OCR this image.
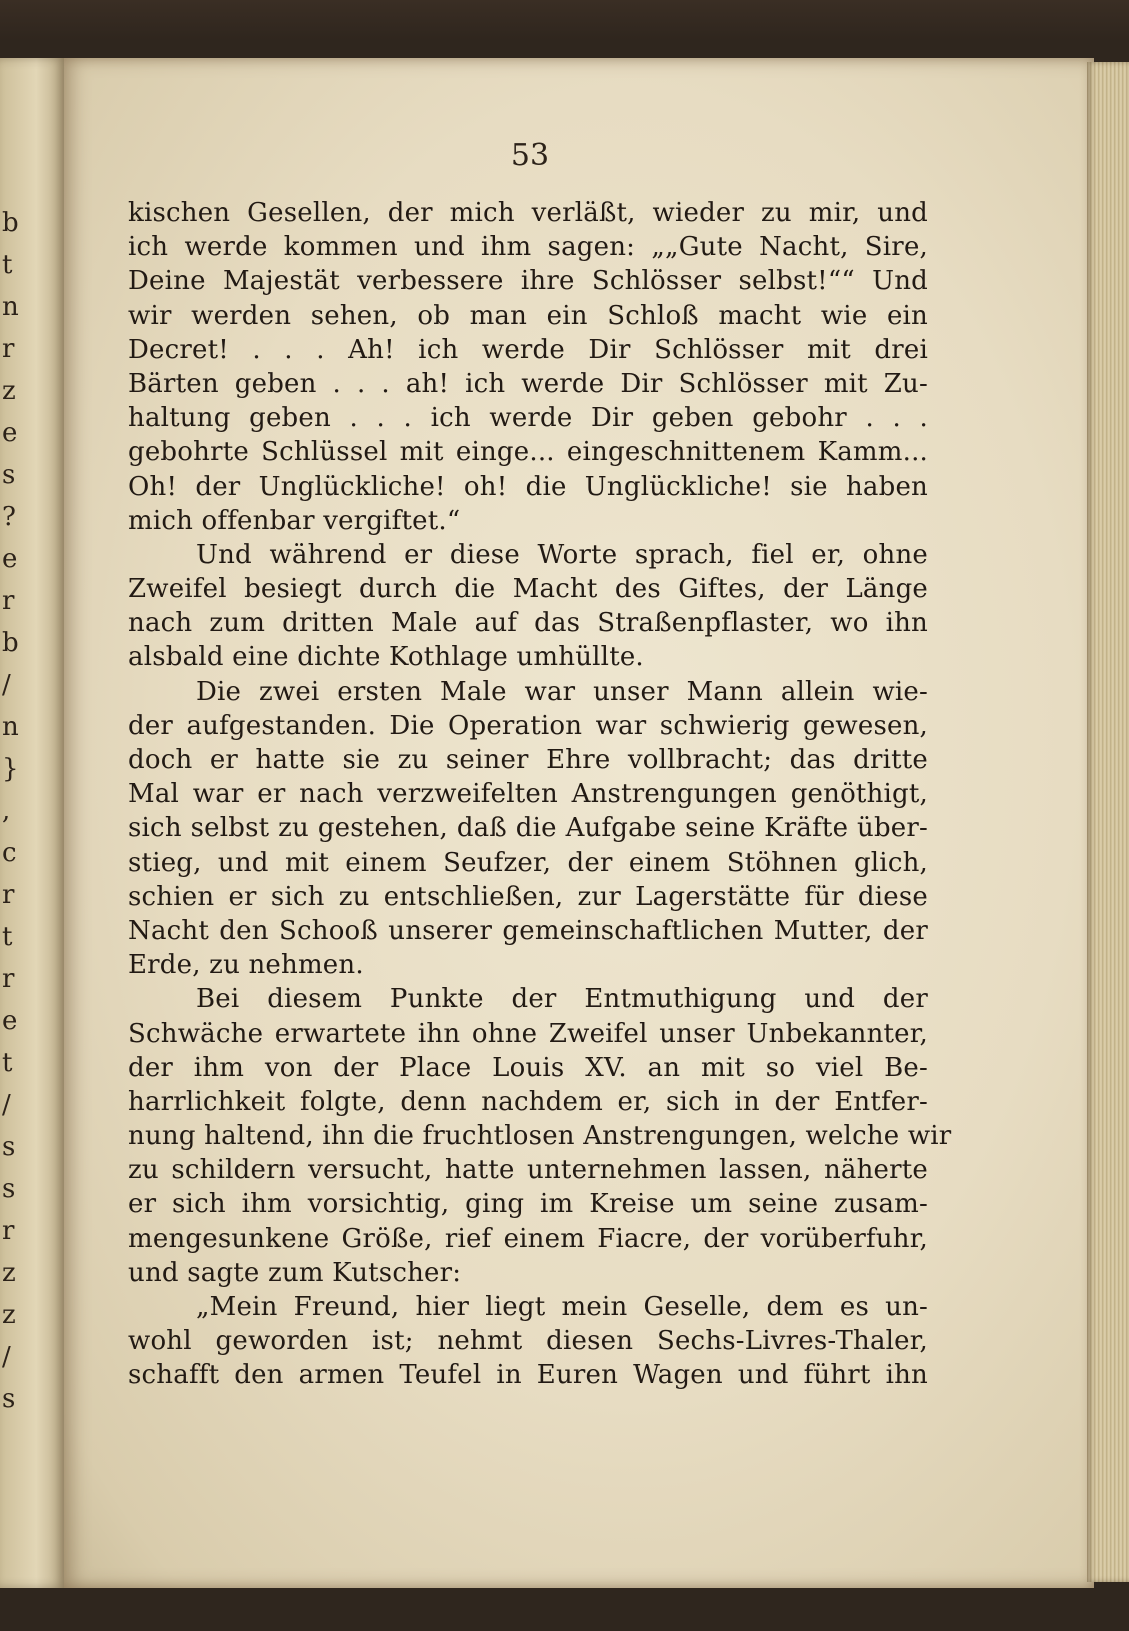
b
t
n
r
z
e
s
?
e
r
b
/
n
}
,
c
r
t
r
e
t
/
s
s
r
z
z
/
s
53
kischen Gesellen, der mich verläßt, wieder zu mir, und
ich werde kommen und ihm sagen: „„Gute Nacht, Sire,
Deine Majestät verbessere ihre Schlösser selbst!““ Und
wir werden sehen, ob man ein Schloß macht wie ein
Decret! . . . Ah! ich werde Dir Schlösser mit drei
Bärten geben . . . ah! ich werde Dir Schlösser mit Zu-
haltung geben . . . ich werde Dir geben gebohr . . .
gebohrte Schlüssel mit einge... eingeschnittenem Kamm...
Oh! der Unglückliche! oh! die Unglückliche! sie haben
mich offenbar vergiftet.“
Und während er diese Worte sprach, fiel er, ohne
Zweifel besiegt durch die Macht des Giftes, der Länge
nach zum dritten Male auf das Straßenpflaster, wo ihn
alsbald eine dichte Kothlage umhüllte.
Die zwei ersten Male war unser Mann allein wie-
der aufgestanden. Die Operation war schwierig gewesen,
doch er hatte sie zu seiner Ehre vollbracht; das dritte
Mal war er nach verzweifelten Anstrengungen genöthigt,
sich selbst zu gestehen, daß die Aufgabe seine Kräfte über-
stieg, und mit einem Seufzer, der einem Stöhnen glich,
schien er sich zu entschließen, zur Lagerstätte für diese
Nacht den Schooß unserer gemeinschaftlichen Mutter, der
Erde, zu nehmen.
Bei diesem Punkte der Entmuthigung und der
Schwäche erwartete ihn ohne Zweifel unser Unbekannter,
der ihm von der Place Louis XV. an mit so viel Be-
harrlichkeit folgte, denn nachdem er, sich in der Entfer-
nung haltend, ihn die fruchtlosen Anstrengungen, welche wir
zu schildern versucht, hatte unternehmen lassen, näherte
er sich ihm vorsichtig, ging im Kreise um seine zusam-
mengesunkene Größe, rief einem Fiacre, der vorüberfuhr,
und sagte zum Kutscher:
„Mein Freund, hier liegt mein Geselle, dem es un-
wohl geworden ist; nehmt diesen Sechs-Livres-Thaler,
schafft den armen Teufel in Euren Wagen und führt ihn
